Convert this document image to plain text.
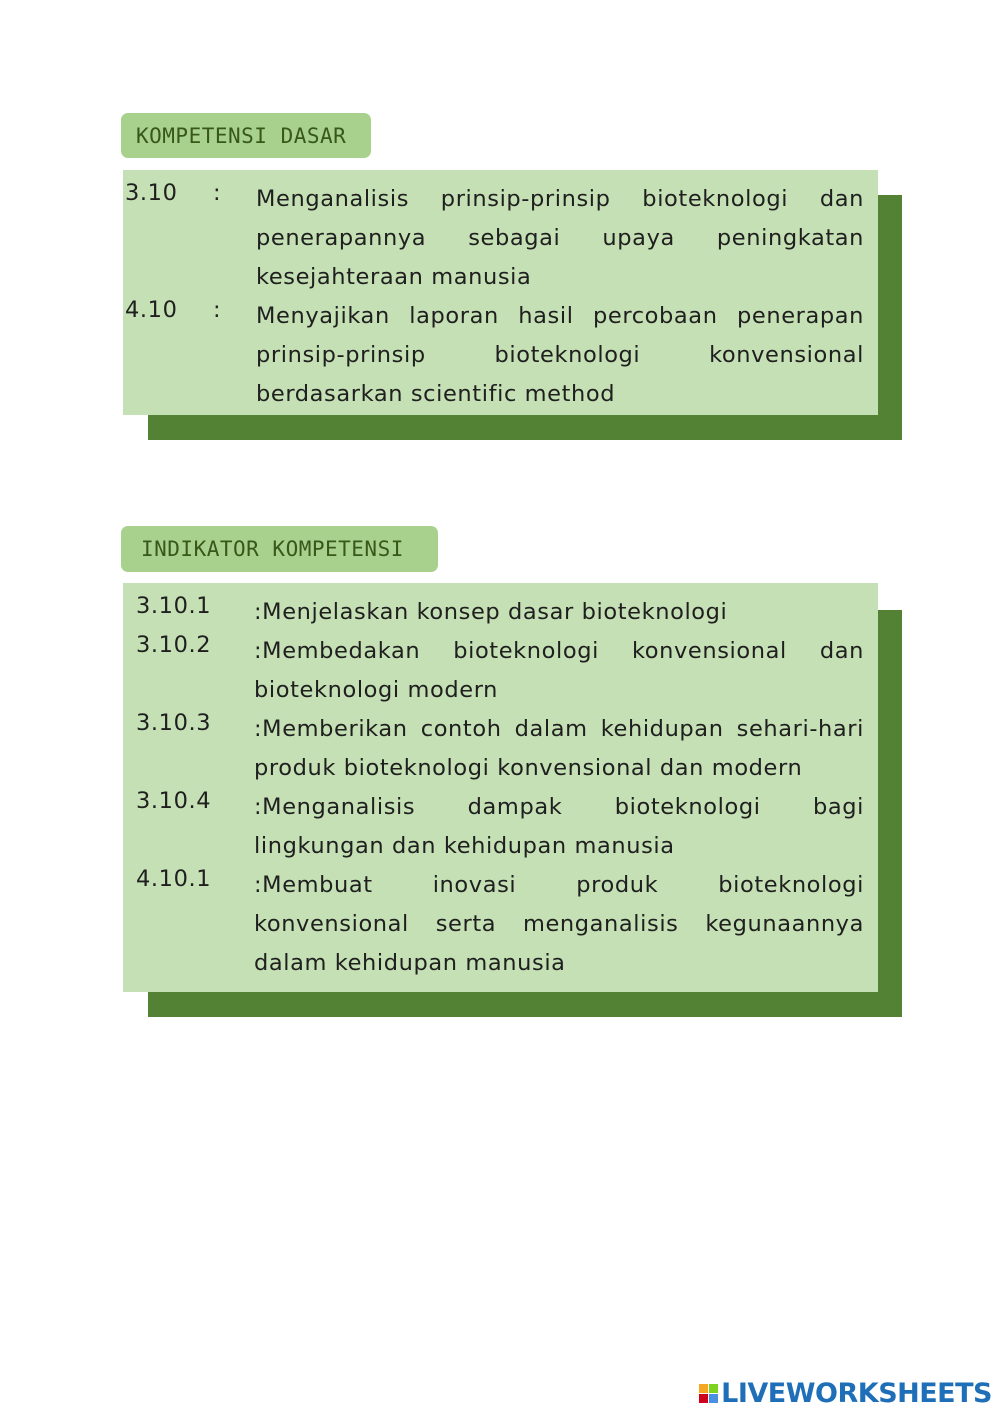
KOMPETENSI DASAR
3.10	:	Menganalisis prinsip-prinsip bioteknologi dan penerapannya sebagai upaya peningkatan kesejahteraan manusia
4.10	:	Menyajikan laporan hasil percobaan penerapan prinsip-prinsip bioteknologi konvensional berdasarkan scientific method
INDIKATOR KOMPETENSI
3.10.1	:Menjelaskan konsep dasar bioteknologi
3.10.2	:Membedakan bioteknologi konvensional dan bioteknologi modern
3.10.3	:Memberikan contoh dalam kehidupan sehari-hari produk bioteknologi konvensional dan modern
3.10.4	:Menganalisis dampak bioteknologi bagi lingkungan dan kehidupan manusia
4.10.1	:Membuat inovasi produk bioteknologi konvensional serta menganalisis kegunaannya dalam kehidupan manusia
LIVEWORKSHEETS
